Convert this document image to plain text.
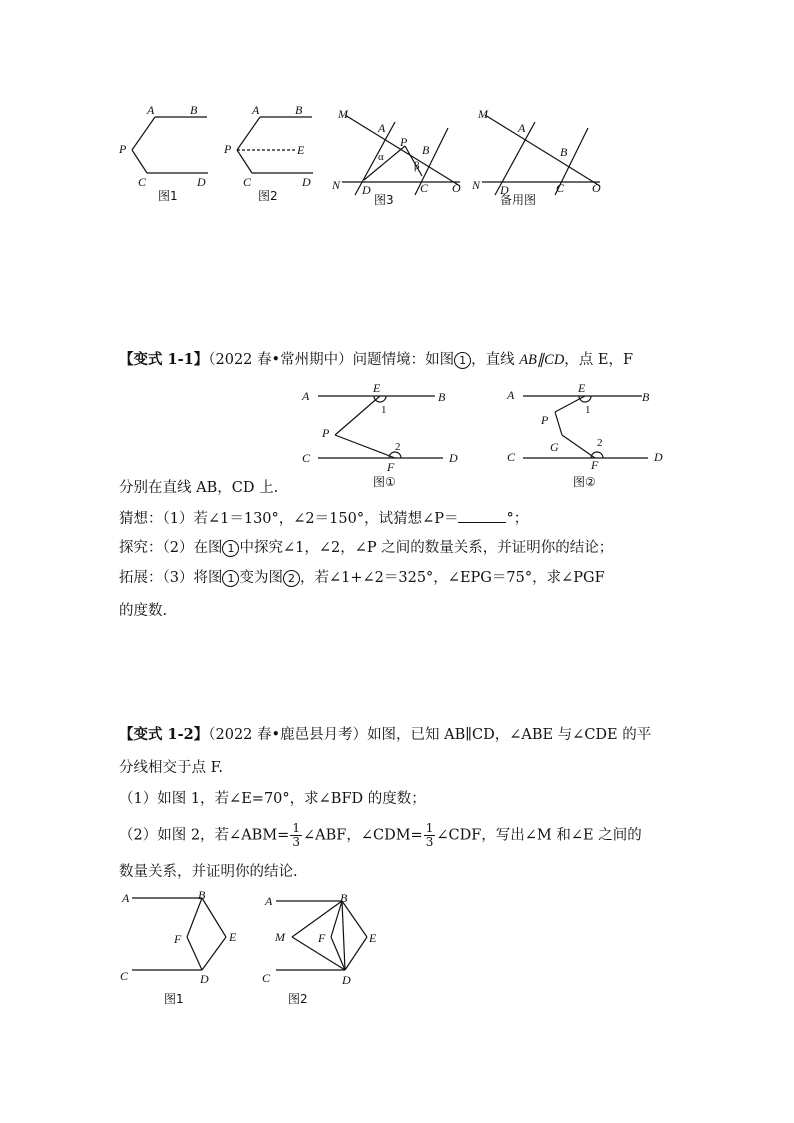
A	B
P
C	D
图1
A	B
P	E
C	D
图2
M
A
P
B
α
β
N D	C O
图3
M
A
B
N D	C O
备用图
【变式 1-1】（2022 春•常州期中）问题情境：如图 1 ，直线 AB∥CD，点 E，F
A
E
B
1
P
2
C
F
D
图①
A	E
B
1
P
G	2
C
F
D
图②
分别在直线 AB，CD 上.
猜想：（1）若∠1＝130°，∠2＝150°，试猜想∠P＝	°；
探究：（2）在图 1 中探究∠1，∠2，∠P 之间的数量关系，并证明你的结论；
拓展：（3）将图 1 变为图 2 ，若∠1+∠2＝325°，∠EPG＝75°，求∠PGF
的度数.
【变式 1-2】（2022 春•鹿邑县月考）如图，已知 AB∥CD，∠ABE 与∠CDE 的平
分线相交于点 F.
（1）如图 1，若∠E=70°，求∠BFD 的度数；
（2）如图 2，若∠ABM= $\frac{1}{3}$ ∠ABF，∠CDM= $\frac{1}{3}$ ∠CDF，写出∠M 和∠E 之间的
数量关系，并证明你的结论.
A	B
F	E
C	D
图1
A	B
M	F	E
C	D
图2
